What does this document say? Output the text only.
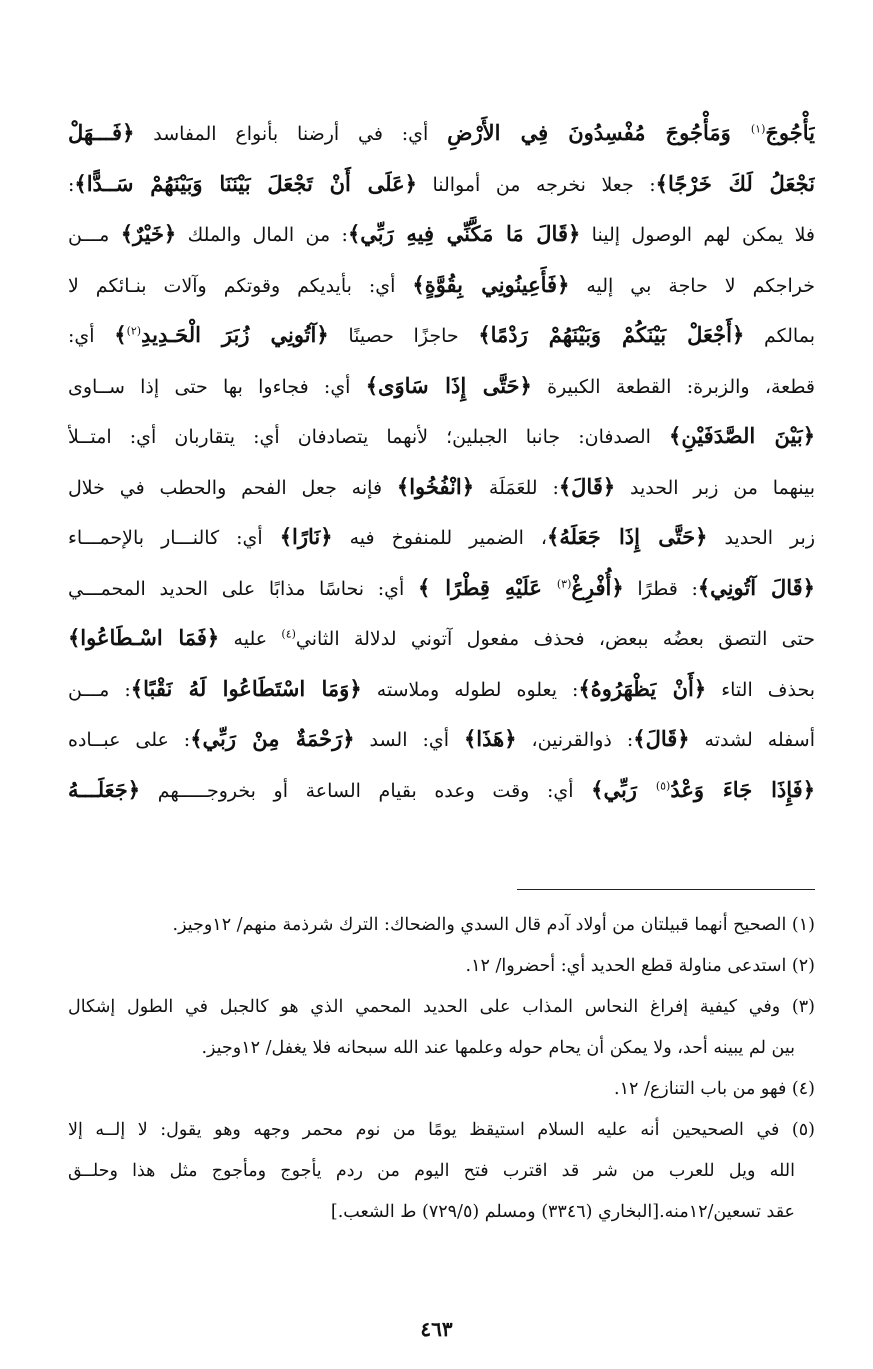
يَأْجُوجَ$^{(١)}$ وَمَأْجُوجَ مُفْسِدُونَ فِي الأَرْضِ أي: في أرضنا بأنواع المفاسد ﴿فَـــهَلْ
نَجْعَلُ لَكَ خَرْجًا﴾: جعلا نخرجه من أموالنا ﴿عَلَى أَنْ تَجْعَلَ بَيْنَنَا وَبَيْنَهُمْ سَــدًّا﴾:
فلا يمكن لهم الوصول إلينا ﴿قَالَ مَا مَكَّنِّي فِيهِ رَبِّي﴾: من المال والملك ﴿خَيْرٌ﴾ مـــن
خراجكم لا حاجة بي إليه ﴿فَأَعِينُونِي بِقُوَّةٍ﴾ أي: بأيديكم وقوتكم وآلات بنـائكم لا
بمالكم ﴿أَجْعَلْ بَيْنَكُمْ وَبَيْنَهُمْ رَدْمًا﴾ حاجزًا حصينًا ﴿آتُونِي زُبَرَ الْحَـدِيدِ$^{(٢)}$﴾ أي:
قطعة، والزبرة: القطعة الكبيرة ﴿حَتَّى إِذَا سَاوَى﴾ أي: فجاءوا بها حتى إذا ســاوى
﴿بَيْنَ الصَّدَفَيْنِ﴾ الصدفان: جانبا الجبلين؛ لأنهما يتصادفان أي: يتقاربان أي: امتــلأ
بينهما من زبر الحديد ﴿قَالَ﴾: للعَمَلَة ﴿انْفُخُوا﴾ فإنه جعل الفحم والحطب في خلال
زبر الحديد ﴿حَتَّى إِذَا جَعَلَهُ﴾، الضمير للمنفوخ فيه ﴿نَارًا﴾ أي: كالنـــار بالإحمـــاء
﴿قَالَ آتُونِي﴾: قطرًا ﴿أُفْرِغْ$^{(٣)}$ عَلَيْهِ قِطْرًا ﴾ أي: نحاسًا مذابًا على الحديد المحمـــي
حتى التصق بعضُه ببعض، فحذف مفعول آتوني لدلالة الثاني$^{(٤)}$ عليه ﴿فَمَا اسْـطَاعُوا﴾
بحذف التاء ﴿أَنْ يَظْهَرُوهُ﴾: يعلوه لطوله وملاسته ﴿وَمَا اسْتَطَاعُوا لَهُ نَقْبًا﴾: مـــن
أسفله لشدته ﴿قَالَ﴾: ذوالقرنين، ﴿هَذَا﴾ أي: السد ﴿رَحْمَةٌ مِنْ رَبِّي﴾: على عبــاده
﴿فَإِذَا جَاءَ وَعْدُ$^{(٥)}$ رَبِّي﴾ أي: وقت وعده بقيام الساعة أو بخروجـــــهم ﴿جَعَلَـــهُ
(١) الصحيح أنهما قبيلتان من أولاد آدم قال السدي والضحاك: الترك شرذمة منهم/ ١٢وجيز.
(٢) استدعى مناولة قطع الحديد أي: أحضروا/ ١٢.
(٣) وفي كيفية إفراغ النحاس المذاب على الحديد المحمي الذي هو كالجبل في الطول إشكال
بين لم يبينه أحد، ولا يمكن أن يحام حوله وعلمها عند الله سبحانه فلا يغفل/ ١٢وجيز.
(٤) فهو من باب التنازع/ ١٢.
(٥) في الصحيحين أنه عليه السلام استيقظ يومًا من نوم محمر وجهه وهو يقول: لا إلــه إلا
الله ويل للعرب من شر قد اقترب فتح اليوم من ردم يأجوج ومأجوج مثل هذا وحلــق
عقد تسعين/١٢منه.[البخاري (٣٣٤٦) ومسلم (٧٢٩/٥) ط الشعب.]
٤٦٣
